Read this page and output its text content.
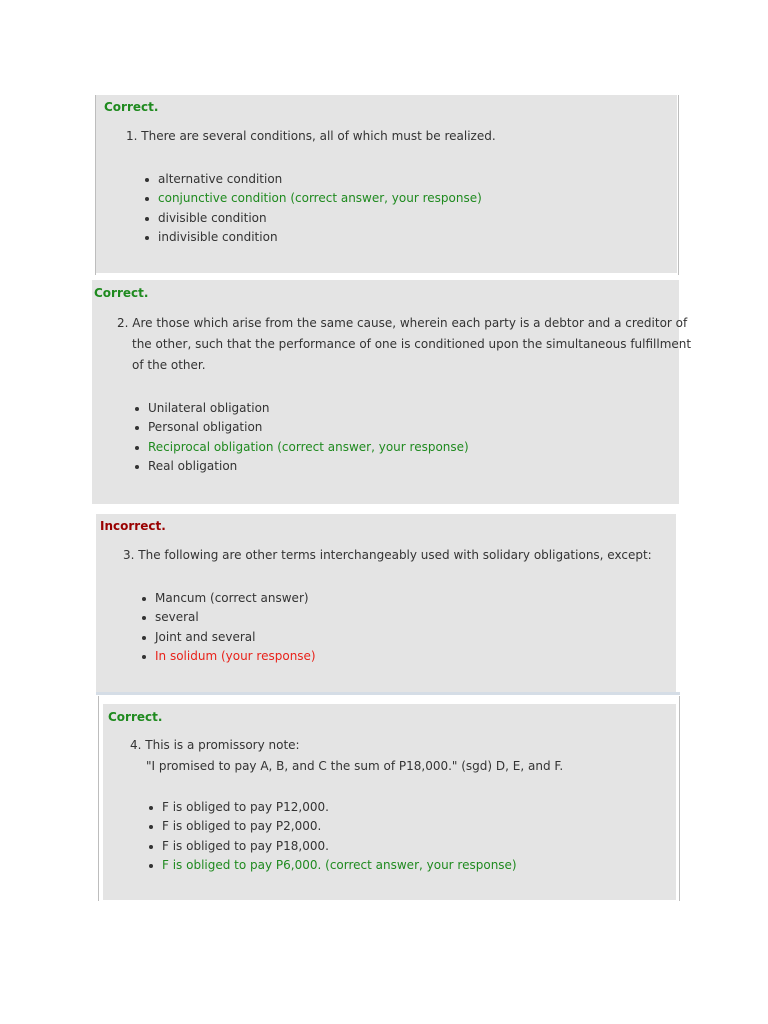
Correct.
1. There are several conditions, all of which must be realized.
alternative condition
conjunctive condition (correct answer, your response)
divisible condition
indivisible condition
Correct.
2. Are those which arise from the same cause, wherein each party is a debtor and a creditor of
the other, such that the performance of one is conditioned upon the simultaneous fulfillment
of the other.
Unilateral obligation
Personal obligation
Reciprocal obligation (correct answer, your response)
Real obligation
Incorrect.
3. The following are other terms interchangeably used with solidary obligations, except:
Mancum (correct answer)
several
Joint and several
In solidum (your response)
Correct.
4. This is a promissory note:
"I promised to pay A, B, and C the sum of P18,000." (sgd) D, E, and F.
F is obliged to pay P12,000.
F is obliged to pay P2,000.
F is obliged to pay P18,000.
F is obliged to pay P6,000. (correct answer, your response)
